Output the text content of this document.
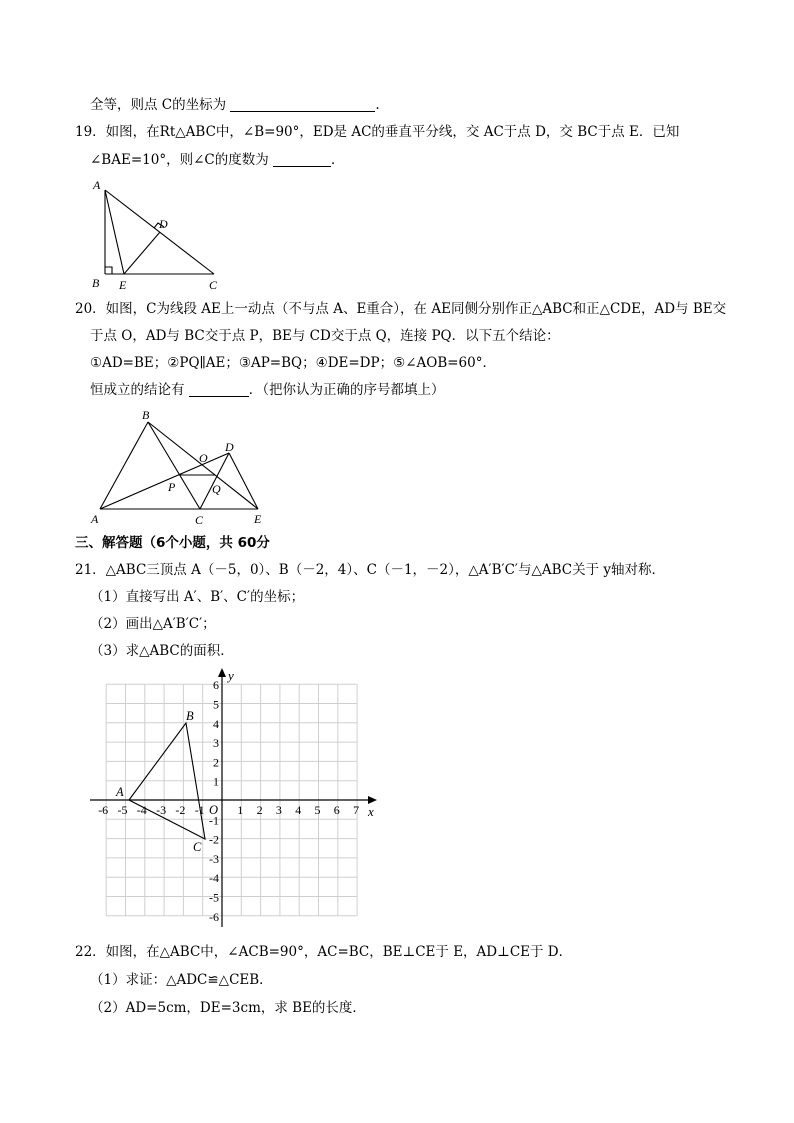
全等，则点 C的坐标为	.
19．如图，在Rt△ABC中，∠B=90°，ED是 AC的垂直平分线，交 AC于点 D，交 BC于点 E．已知
∠BAE=10°，则∠C的度数为	．
A
B E	C
D
20．如图，C为线段 AE上一动点（不与点 A、E重合），在 AE同侧分别作正△ABC和正△CDE，AD与 BE交
于点 O，AD与 BC交于点 P，BE与 CD交于点 Q，连接 PQ．以下五个结论：
①AD=BE；②PQ∥AE；③AP=BQ；④DE=DP；⑤∠AOB=60°．
恒成立的结论有	．（把你认为正确的序号都填上）
A
B
C
D
E
O
P	Q
三、解答题（6个小题，共 60分
21．△ABC三顶点 A（－5，0）、B（－2，4）、C（－1，－2），△A′B′C′与△ABC关于 y轴对称．
（1）直接写出 A′、B′、C′的坐标；
（2）画出△A′B′C′；
（3）求△ABC的面积．
x
y
O
-6 -5 -4 -3 -2 -1	1 2 3 4 5 6 7
6
5
4
3
2
1
-1
-2
-3
-4
-5
-6
A
B
C
22．如图，在△ABC中，∠ACB=90°，AC=BC，BE⊥CE于 E，AD⊥CE于 D．
（1）求证：△ADC≌△CEB．
（2）AD=5cm，DE=3cm，求 BE的长度．
